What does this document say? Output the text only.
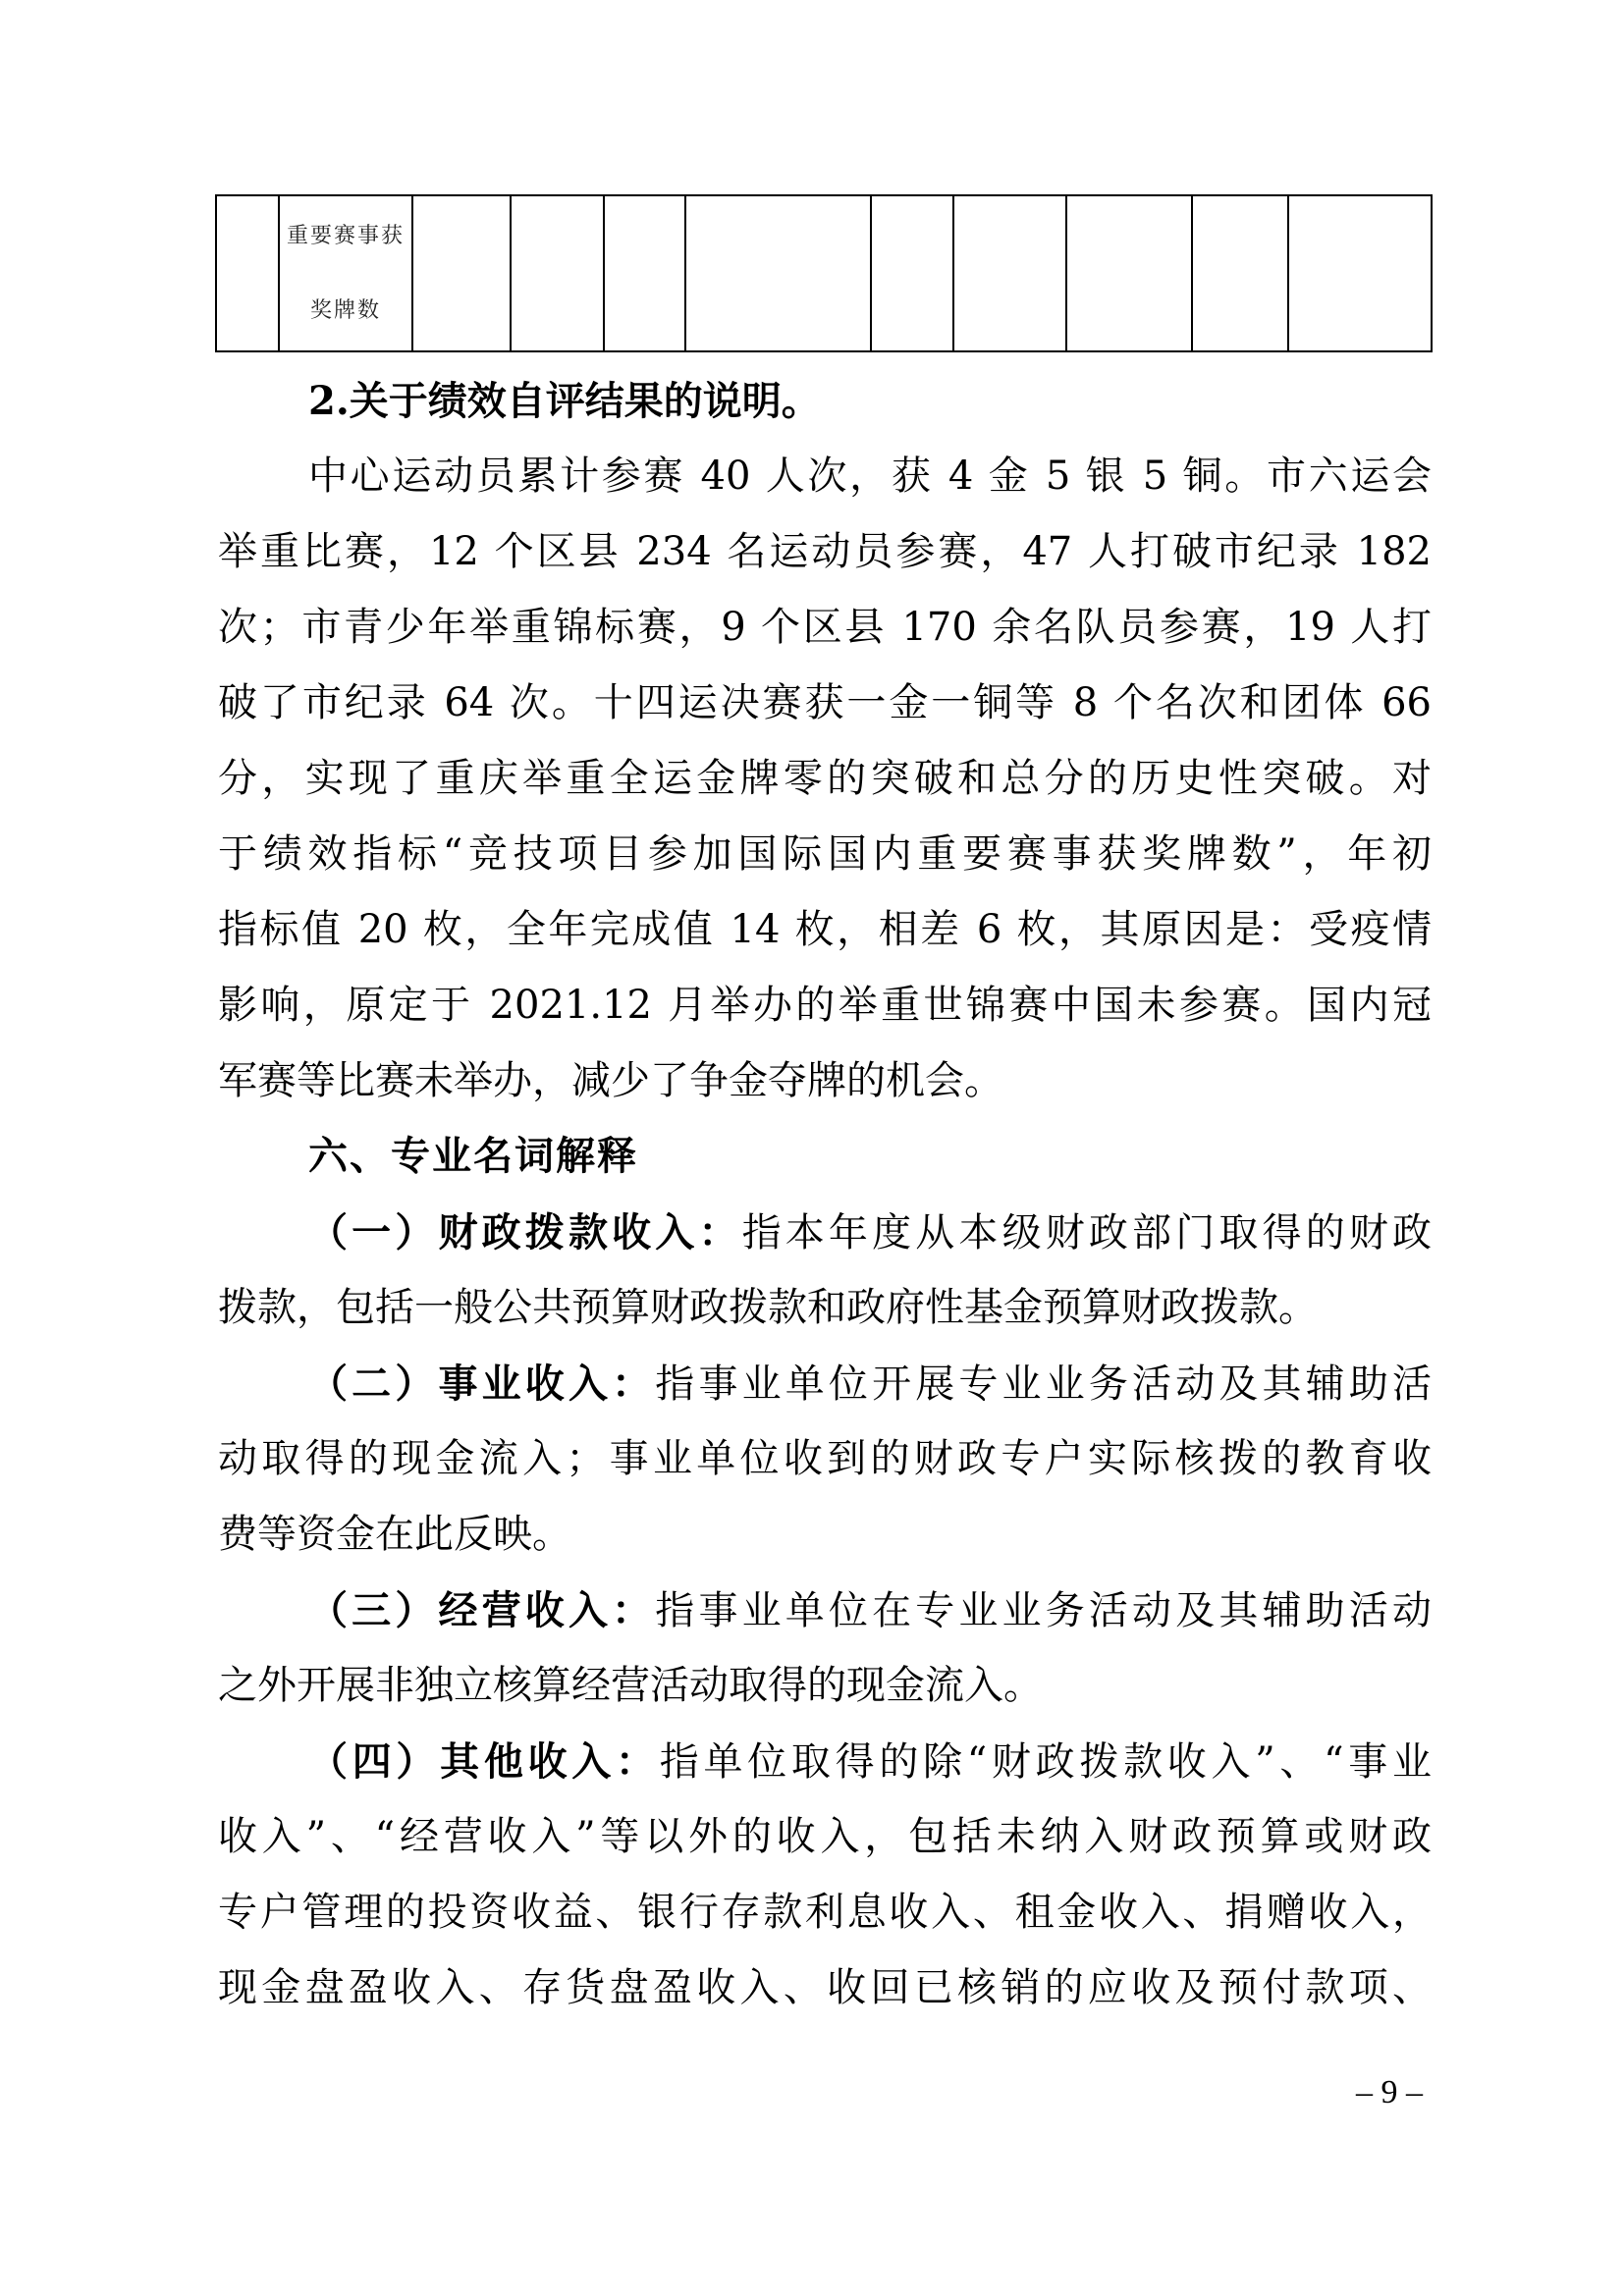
重要赛事获
奖牌数

2.关于绩效自评结果的说明。
中心运动员累计参赛 40 人次，获 4 金 5 银 5 铜。市六运会
举重比赛，12 个区县 234 名运动员参赛，47 人打破市纪录 182
次；市青少年举重锦标赛，9 个区县 170 余名队员参赛，19 人打
破了市纪录 64 次。十四运决赛获一金一铜等 8 个名次和团体 66
分，实现了重庆举重全运金牌零的突破和总分的历史性突破。对
于绩效指标“竞技项目参加国际国内重要赛事获奖牌数”，年初
指标值 20 枚，全年完成值 14 枚，相差 6 枚，其原因是：受疫情
影响，原定于 2021.12 月举办的举重世锦赛中国未参赛。国内冠
军赛等比赛未举办，减少了争金夺牌的机会。
六、专业名词解释
（一）财政拨款收入：指本年度从本级财政部门取得的财政
拨款，包括一般公共预算财政拨款和政府性基金预算财政拨款。
（二）事业收入：指事业单位开展专业业务活动及其辅助活
动取得的现金流入；事业单位收到的财政专户实际核拨的教育收
费等资金在此反映。
（三）经营收入：指事业单位在专业业务活动及其辅助活动
之外开展非独立核算经营活动取得的现金流入。
（四）其他收入：指单位取得的除“财政拨款收入”、“事业
收入”、“经营收入”等以外的收入，包括未纳入财政预算或财政
专户管理的投资收益、银行存款利息收入、租金收入、捐赠收入，
现金盘盈收入、存货盘盈收入、收回已核销的应收及预付款项、
– 9 –
